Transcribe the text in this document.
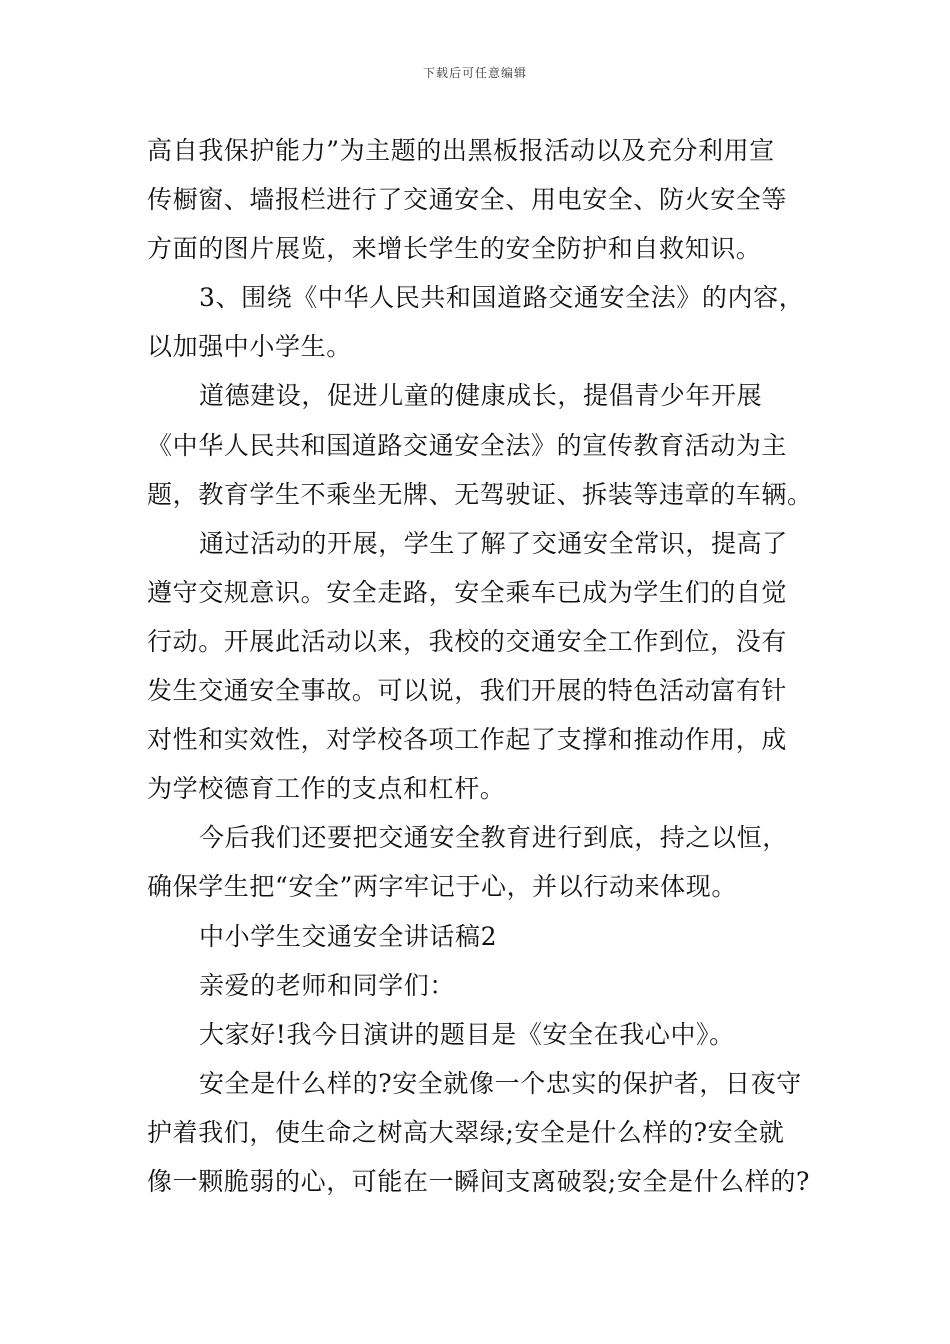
下载后可任意编辑
高自我保护能力”为主题的出黑板报活动以及充分利用宣
传橱窗、墙报栏进行了交通安全、用电安全、防火安全等
方面的图片展览，来增长学生的安全防护和自救知识。
3、围绕《中华人民共和国道路交通安全法》的内容，
以加强中小学生。
道德建设，促进儿童的健康成长，提倡青少年开展
《中华人民共和国道路交通安全法》的宣传教育活动为主
题，教育学生不乘坐无牌、无驾驶证、拆装等违章的车辆。
通过活动的开展，学生了解了交通安全常识，提高了
遵守交规意识。安全走路，安全乘车已成为学生们的自觉
行动。开展此活动以来，我校的交通安全工作到位，没有
发生交通安全事故。可以说，我们开展的特色活动富有针
对性和实效性，对学校各项工作起了支撑和推动作用，成
为学校德育工作的支点和杠杆。
今后我们还要把交通安全教育进行到底，持之以恒，
确保学生把“安全”两字牢记于心，并以行动来体现。
中小学生交通安全讲话稿2
亲爱的老师和同学们：
大家好!我今日演讲的题目是《安全在我心中》。
安全是什么样的?安全就像一个忠实的保护者，日夜守
护着我们，使生命之树高大翠绿;安全是什么样的?安全就
像一颗脆弱的心，可能在一瞬间支离破裂;安全是什么样的?
